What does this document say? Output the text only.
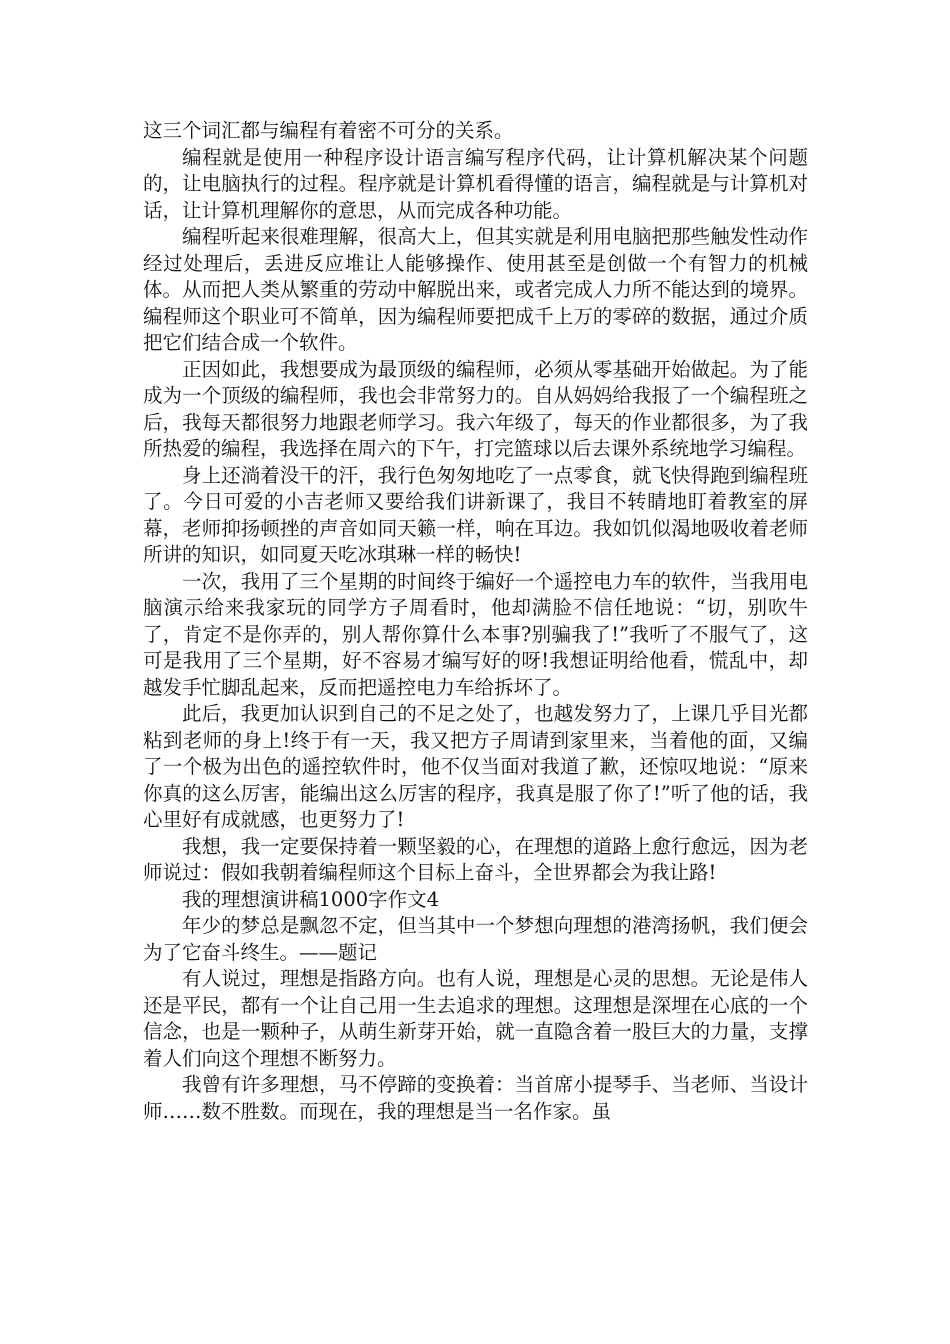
这三个词汇都与编程有着密不可分的关系。

编程就是使用一种程序设计语言编写程序代码，让计算机解决某个问题的，让电脑执行的过程。程序就是计算机看得懂的语言，编程就是与计算机对话，让计算机理解你的意思，从而完成各种功能。

编程听起来很难理解，很高大上，但其实就是利用电脑把那些触发性动作经过处理后，丢进反应堆让人能够操作、使用甚至是创做一个有智力的机械体。从而把人类从繁重的劳动中解脱出来，或者完成人力所不能达到的境界。编程师这个职业可不简单，因为编程师要把成千上万的零碎的数据，通过介质把它们结合成一个软件。

正因如此，我想要成为最顶级的编程师，必须从零基础开始做起。为了能成为一个顶级的编程师，我也会非常努力的。自从妈妈给我报了一个编程班之后，我每天都很努力地跟老师学习。我六年级了，每天的作业都很多，为了我所热爱的编程，我选择在周六的下午，打完篮球以后去课外系统地学习编程。

身上还淌着没干的汗，我行色匆匆地吃了一点零食，就飞快得跑到编程班了。今日可爱的小吉老师又要给我们讲新课了，我目不转睛地盯着教室的屏幕，老师抑扬顿挫的声音如同天籁一样，响在耳边。我如饥似渴地吸收着老师所讲的知识，如同夏天吃冰琪琳一样的畅快!

一次，我用了三个星期的时间终于编好一个遥控电力车的软件，当我用电脑演示给来我家玩的同学方子周看时，他却满脸不信任地说：“切，别吹牛了，肯定不是你弄的，别人帮你算什么本事?别骗我了!”我听了不服气了，这可是我用了三个星期，好不容易才编写好的呀!我想证明给他看，慌乱中，却越发手忙脚乱起来，反而把遥控电力车给拆坏了。

此后，我更加认识到自己的不足之处了，也越发努力了，上课几乎目光都粘到老师的身上!终于有一天，我又把方子周请到家里来，当着他的面，又编了一个极为出色的遥控软件时，他不仅当面对我道了歉，还惊叹地说：“原来你真的这么厉害，能编出这么厉害的程序，我真是服了你了!”听了他的话，我心里好有成就感，也更努力了!

我想，我一定要保持着一颗坚毅的心，在理想的道路上愈行愈远，因为老师说过：假如我朝着编程师这个目标上奋斗，全世界都会为我让路!

我的理想演讲稿1000字作文4

年少的梦总是飘忽不定，但当其中一个梦想向理想的港湾扬帆，我们便会为了它奋斗终生。——题记

有人说过，理想是指路方向。也有人说，理想是心灵的思想。无论是伟人还是平民，都有一个让自己用一生去追求的理想。这理想是深埋在心底的一个信念，也是一颗种子，从萌生新芽开始，就一直隐含着一股巨大的力量，支撑着人们向这个理想不断努力。

我曾有许多理想，马不停蹄的变换着：当首席小提琴手、当老师、当设计师……数不胜数。而现在，我的理想是当一名作家。虽
